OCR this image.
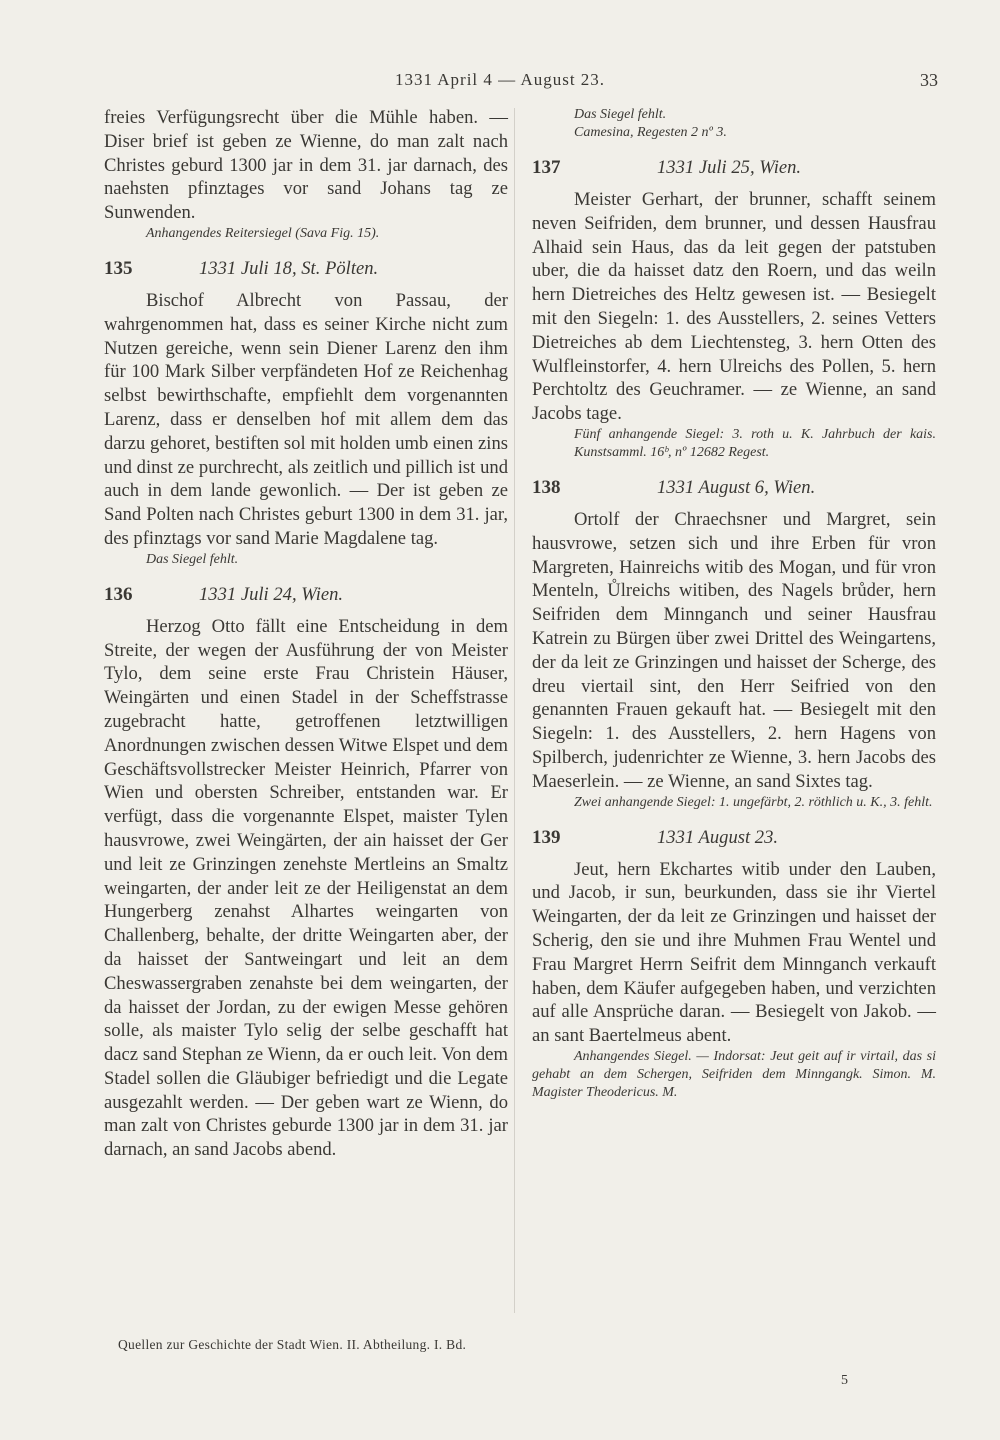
1331 April 4 — August 23.	33

freies Verfügungsrecht über die Mühle haben. — Diser brief ist geben ze Wienne, do man zalt nach Christes geburd 1300 jar in dem 31. jar darnach, des naehsten pfinztages vor sand Johans tag ze Sunwenden.

Anhangendes Reitersiegel (Sava Fig. 15).

135	1331 Juli 18, St. Pölten.

Bischof Albrecht von Passau, der wahrgenommen hat, dass es seiner Kirche nicht zum Nutzen gereiche, wenn sein Diener Larenz den ihm für 100 Mark Silber verpfändeten Hof ze Reichenhag selbst bewirthschafte, empfiehlt dem vorgenannten Larenz, dass er denselben hof mit allem dem das darzu gehoret, bestiften sol mit holden umb einen zins und dinst ze purchrecht, als zeitlich und pillich ist und auch in dem lande gewonlich. — Der ist geben ze Sand Polten nach Christes geburt 1300 in dem 31. jar, des pfinztags vor sand Marie Magdalene tag.

Das Siegel fehlt.

136	1331 Juli 24, Wien.

Herzog Otto fällt eine Entscheidung in dem Streite, der wegen der Ausführung der von Meister Tylo, dem seine erste Frau Christein Häuser, Weingärten und einen Stadel in der Scheffstrasse zugebracht hatte, getroffenen letztwilligen Anordnungen zwischen dessen Witwe Elspet und dem Geschäftsvollstrecker Meister Heinrich, Pfarrer von Wien und obersten Schreiber, entstanden war. Er verfügt, dass die vorgenannte Elspet, maister Tylen hausvrowe, zwei Weingärten, der ain haisset der Ger und leit ze Grinzingen zenehste Mertleins an Smaltz weingarten, der ander leit ze der Heiligenstat an dem Hungerberg zenahst Alhartes weingarten von Challenberg, behalte, der dritte Weingarten aber, der da haisset der Santweingart und leit an dem Cheswassergraben zenahste bei dem weingarten, der da haisset der Jordan, zu der ewigen Messe gehören solle, als maister Tylo selig der selbe geschafft hat dacz sand Stephan ze Wienn, da er ouch leit. Von dem Stadel sollen die Gläubiger befriedigt und die Legate ausgezahlt werden. — Der geben wart ze Wienn, do man zalt von Christes geburde 1300 jar in dem 31. jar darnach, an sand Jacobs abend.

Das Siegel fehlt.

Camesina, Regesten 2 nº 3.

137	1331 Juli 25, Wien.

Meister Gerhart, der brunner, schafft seinem neven Seifriden, dem brunner, und dessen Hausfrau Alhaid sein Haus, das da leit gegen der patstuben uber, die da haisset datz den Roern, und das weiln hern Dietreiches des Heltz gewesen ist. — Besiegelt mit den Siegeln: 1. des Ausstellers, 2. seines Vetters Dietreiches ab dem Liechtensteg, 3. hern Otten des Wulfleinstorfer, 4. hern Ulreichs des Pollen, 5. hern Perchtoltz des Geuchramer. — ze Wienne, an sand Jacobs tage.

Fünf anhangende Siegel: 3. roth u. K. Jahrbuch der kais. Kunstsamml. 16ᵇ, nº 12682 Regest.

138	1331 August 6, Wien.

Ortolf der Chraechsner und Margret, sein hausvrowe, setzen sich und ihre Erben für vron Margreten, Hainreichs witib des Mogan, und für vron Menteln, Ůlreichs witiben, des Nagels brůder, hern Seifriden dem Minnganch und seiner Hausfrau Katrein zu Bürgen über zwei Drittel des Weingartens, der da leit ze Grinzingen und haisset der Scherge, des dreu viertail sint, den Herr Seifried von den genannten Frauen gekauft hat. — Besiegelt mit den Siegeln: 1. des Ausstellers, 2. hern Hagens von Spilberch, judenrichter ze Wienne, 3. hern Jacobs des Maeserlein. — ze Wienne, an sand Sixtes tag.

Zwei anhangende Siegel: 1. ungefärbt, 2. röthlich u. K., 3. fehlt.

139	1331 August 23.

Jeut, hern Ekchartes witib under den Lauben, und Jacob, ir sun, beurkunden, dass sie ihr Viertel Weingarten, der da leit ze Grinzingen und haisset der Scherig, den sie und ihre Muhmen Frau Wentel und Frau Margret Herrn Seifrit dem Minnganch verkauft haben, dem Käufer aufgegeben haben, und verzichten auf alle Ansprüche daran. — Besiegelt von Jakob. — an sant Baertelmeus abent.

Anhangendes Siegel. — Indorsat: Jeut geit auf ir virtail, das si gehabt an dem Schergen, Seifriden dem Minngangk. Simon. M. Magister Theodericus. M.

Quellen zur Geschichte der Stadt Wien. II. Abtheilung. I. Bd.
5
